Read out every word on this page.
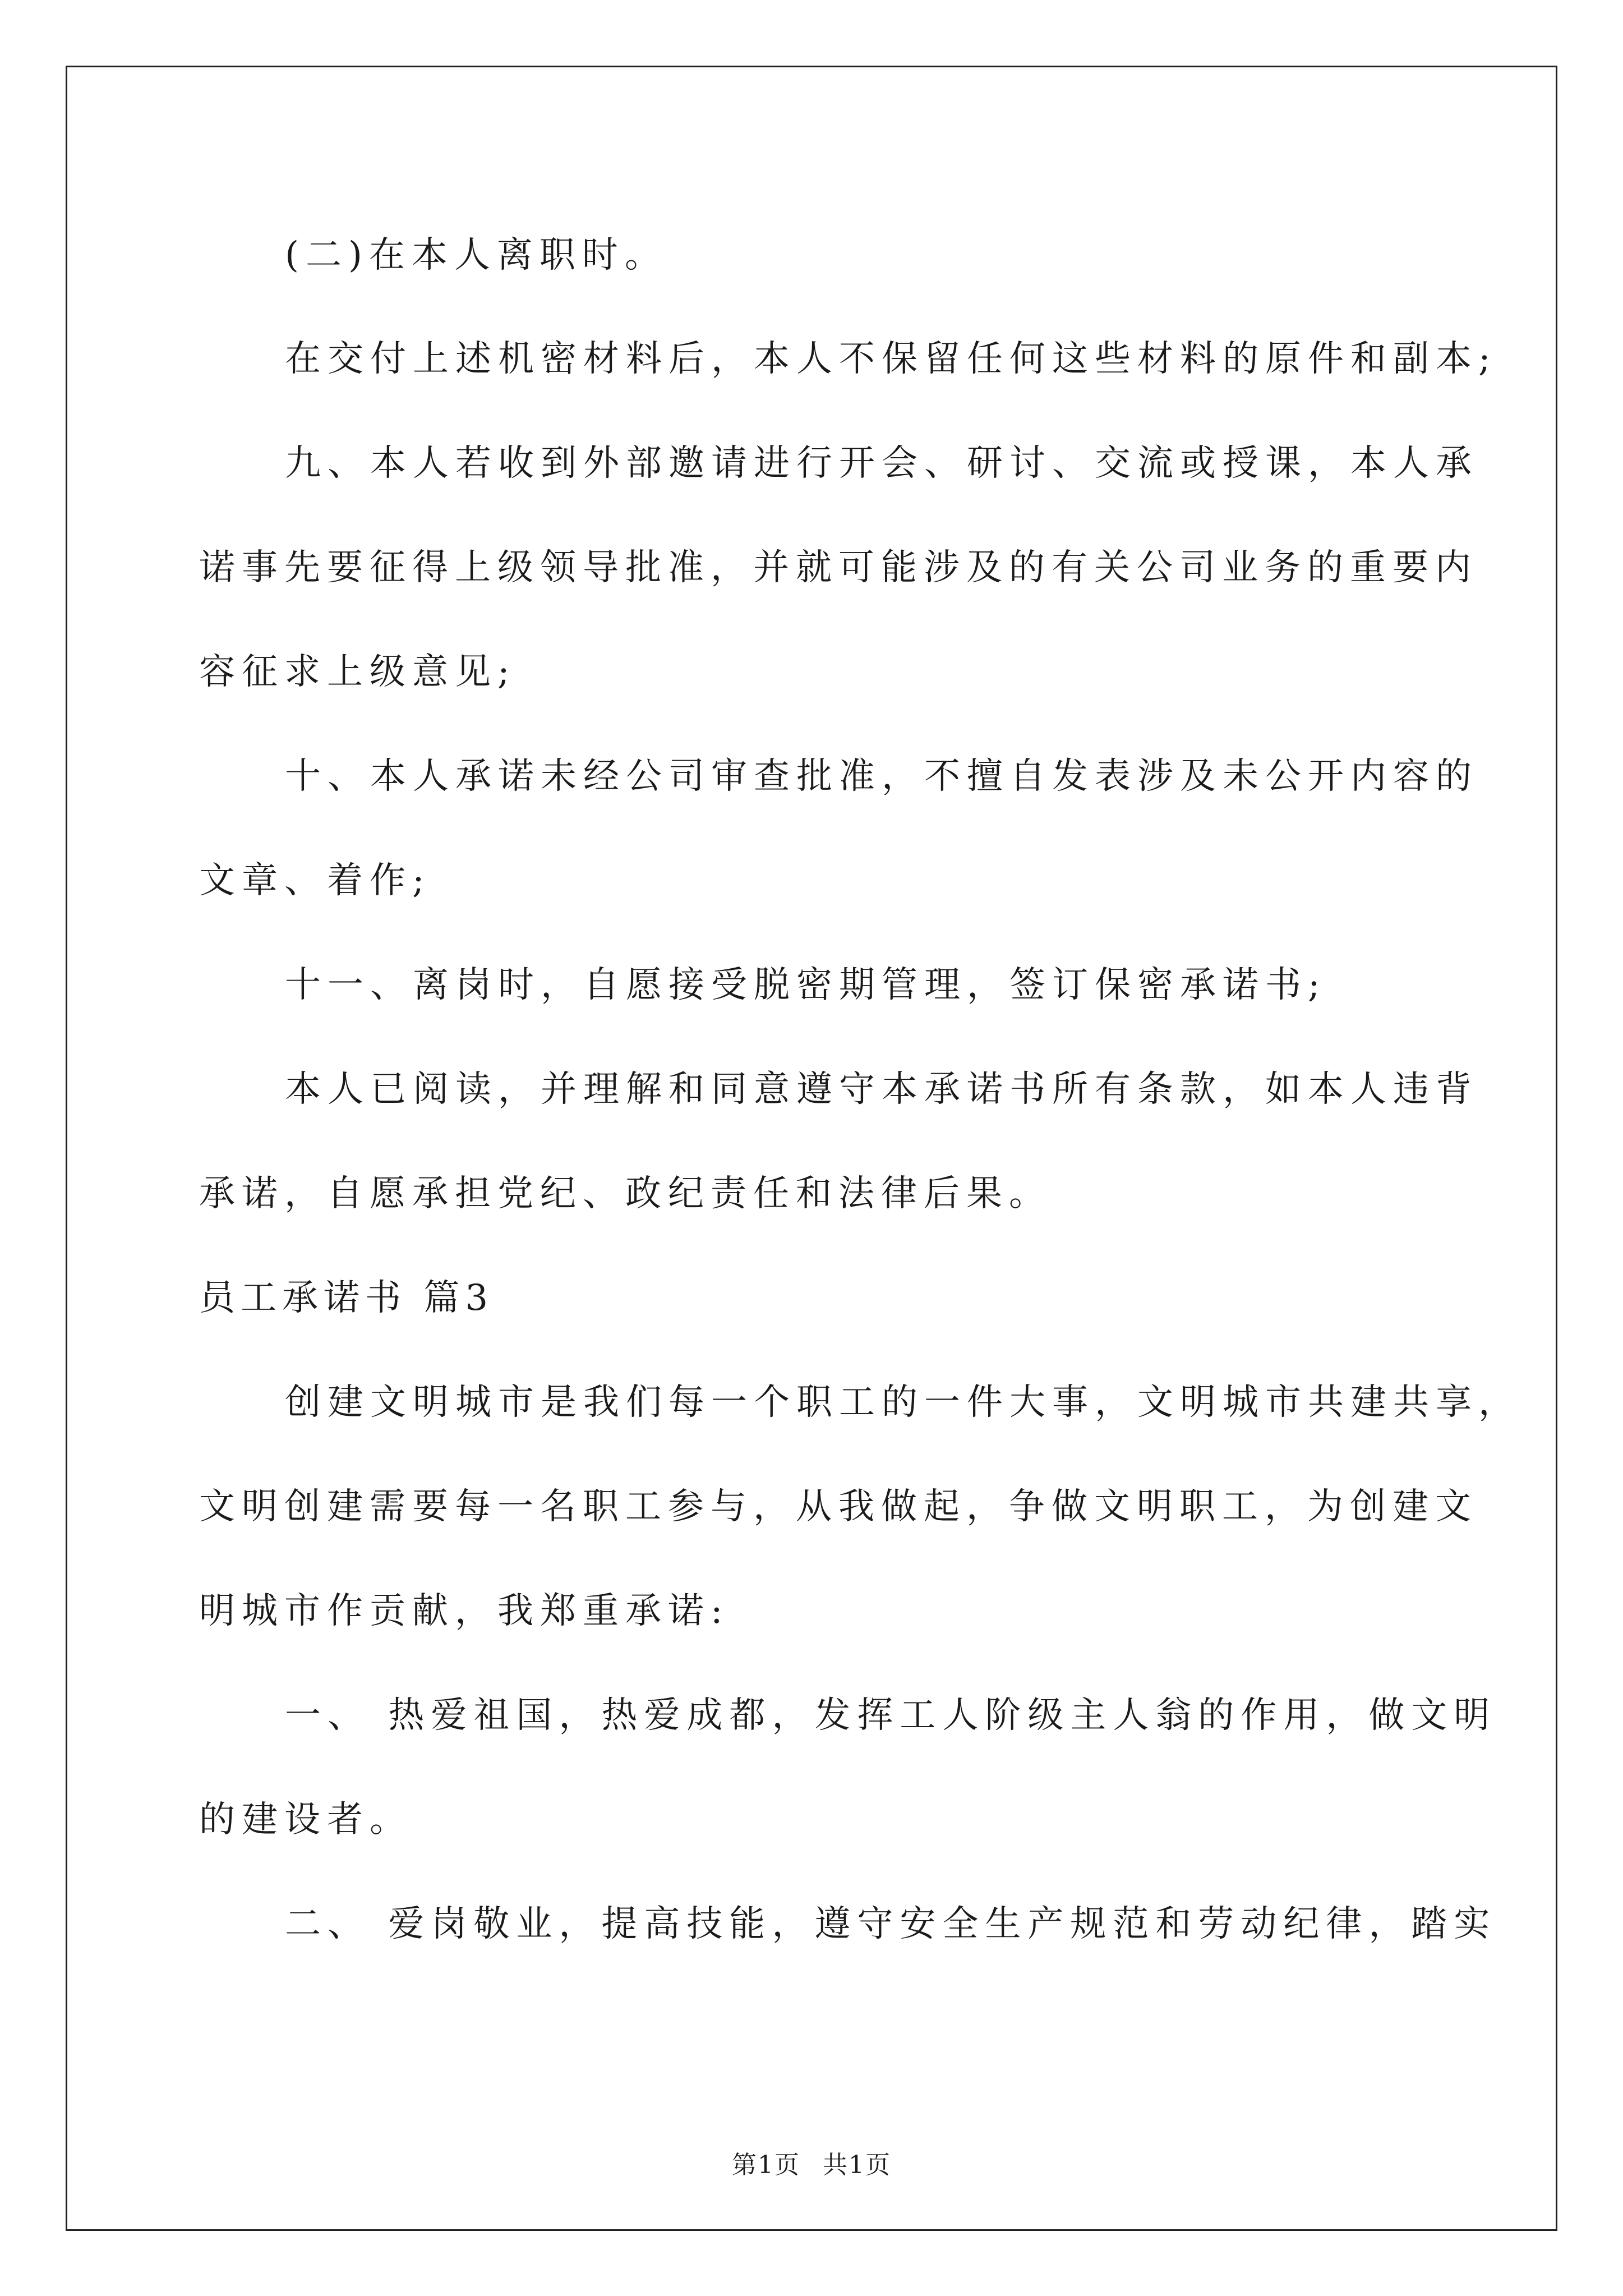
(二)在本人离职时。
在交付上述机密材料后，本人不保留任何这些材料的原件和副本;
九、本人若收到外部邀请进行开会、研讨、交流或授课，本人承
诺事先要征得上级领导批准，并就可能涉及的有关公司业务的重要内
容征求上级意见;
十、本人承诺未经公司审查批准，不擅自发表涉及未公开内容的
文章、着作;
十一、离岗时，自愿接受脱密期管理，签订保密承诺书;
本人已阅读，并理解和同意遵守本承诺书所有条款，如本人违背
承诺，自愿承担党纪、政纪责任和法律后果。
员工承诺书 篇3
创建文明城市是我们每一个职工的一件大事，文明城市共建共享，
文明创建需要每一名职工参与，从我做起，争做文明职工，为创建文
明城市作贡献，我郑重承诺:
一、 热爱祖国，热爱成都，发挥工人阶级主人翁的作用，做文明
的建设者。
二、 爱岗敬业，提高技能，遵守安全生产规范和劳动纪律，踏实
第1页 共1页
